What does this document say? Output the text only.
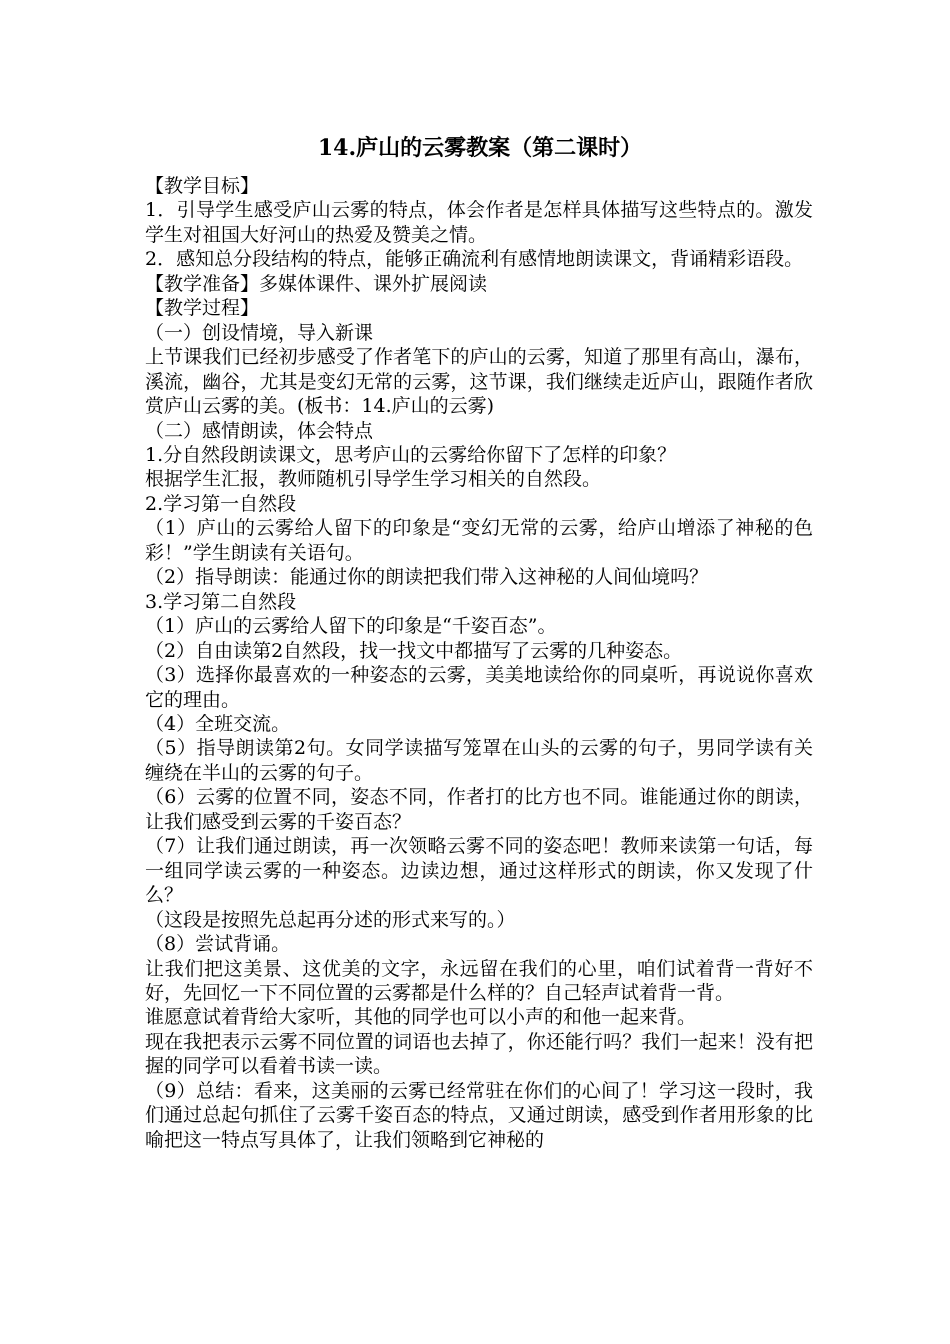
14.庐山的云雾教案（第二课时）

【教学目标】

1．引导学生感受庐山云雾的特点，体会作者是怎样具体描写这些特点的。激发学生对祖国大好河山的热爱及赞美之情。

2．感知总分段结构的特点，能够正确流利有感情地朗读课文，背诵精彩语段。

【教学准备】多媒体课件、课外扩展阅读

【教学过程】

（一）创设情境，导入新课

上节课我们已经初步感受了作者笔下的庐山的云雾，知道了那里有高山，瀑布，溪流，幽谷，尤其是变幻无常的云雾，这节课，我们继续走近庐山，跟随作者欣赏庐山云雾的美。(板书：14.庐山的云雾)

（二）感情朗读，体会特点

1.分自然段朗读课文，思考庐山的云雾给你留下了怎样的印象？

根据学生汇报，教师随机引导学生学习相关的自然段。

2.学习第一自然段

（1）庐山的云雾给人留下的印象是“变幻无常的云雾，给庐山增添了神秘的色彩！”学生朗读有关语句。

（2）指导朗读：能通过你的朗读把我们带入这神秘的人间仙境吗？

3.学习第二自然段

（1）庐山的云雾给人留下的印象是“千姿百态”。

（2）自由读第2自然段，找一找文中都描写了云雾的几种姿态。

（3）选择你最喜欢的一种姿态的云雾，美美地读给你的同桌听，再说说你喜欢它的理由。

（4）全班交流。

（5）指导朗读第2句。女同学读描写笼罩在山头的云雾的句子，男同学读有关缠绕在半山的云雾的句子。

（6）云雾的位置不同，姿态不同，作者打的比方也不同。谁能通过你的朗读，让我们感受到云雾的千姿百态？

（7）让我们通过朗读，再一次领略云雾不同的姿态吧！教师来读第一句话，每一组同学读云雾的一种姿态。边读边想，通过这样形式的朗读，你又发现了什么？

（这段是按照先总起再分述的形式来写的。）

（8）尝试背诵。

让我们把这美景、这优美的文字，永远留在我们的心里，咱们试着背一背好不好，先回忆一下不同位置的云雾都是什么样的？自己轻声试着背一背。

谁愿意试着背给大家听，其他的同学也可以小声的和他一起来背。

现在我把表示云雾不同位置的词语也去掉了，你还能行吗？我们一起来！没有把握的同学可以看着书读一读。

（9）总结：看来，这美丽的云雾已经常驻在你们的心间了！学习这一段时，我们通过总起句抓住了云雾千姿百态的特点，又通过朗读，感受到作者用形象的比喻把这一特点写具体了，让我们领略到它神秘的
